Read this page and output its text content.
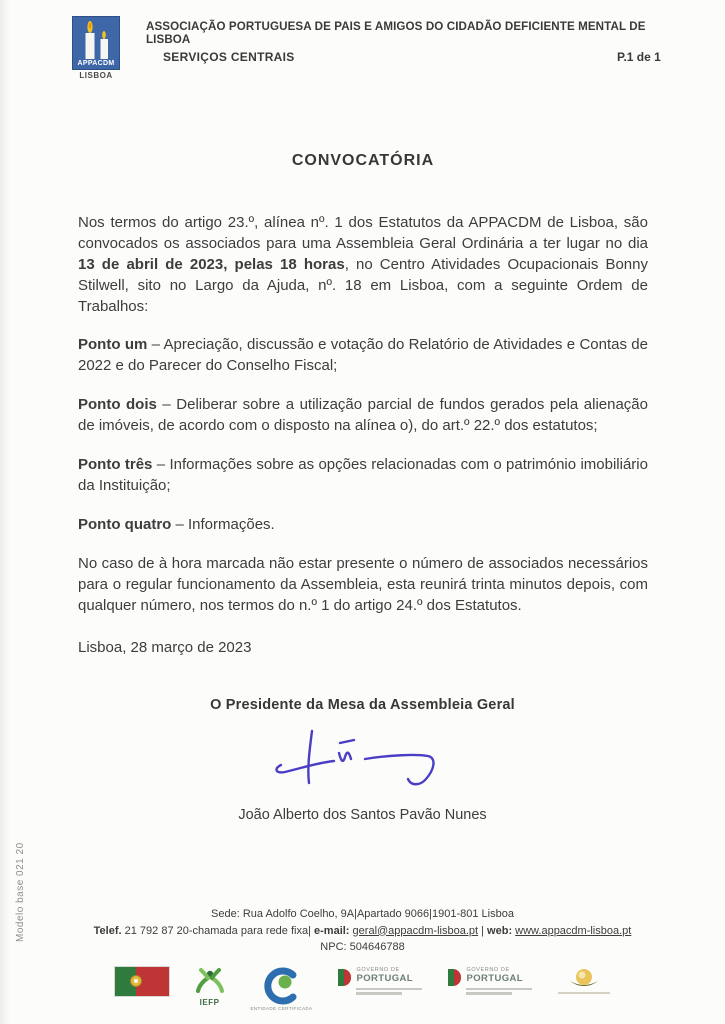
APPACDM
LISBOA
ASSOCIAÇÃO PORTUGUESA DE PAIS E AMIGOS DO CIDADÃO DEFICIENTE MENTAL DE LISBOA
SERVIÇOS CENTRAIS	P.1 de 1
CONVOCATÓRIA

Nos termos do artigo 23.º, alínea nº. 1 dos Estatutos da APPACDM de Lisboa, são convocados os associados para uma Assembleia Geral Ordinária a ter lugar no dia 13 de abril de 2023, pelas 18 horas, no Centro Atividades Ocupacionais Bonny Stilwell, sito no Largo da Ajuda, nº. 18 em Lisboa, com a seguinte Ordem de Trabalhos:

Ponto um – Apreciação, discussão e votação do Relatório de Atividades e Contas de 2022 e do Parecer do Conselho Fiscal;

Ponto dois – Deliberar sobre a utilização parcial de fundos gerados pela alienação de imóveis, de acordo com o disposto na alínea o), do art.º 22.º dos estatutos;

Ponto três – Informações sobre as opções relacionadas com o património imobiliário da Instituição;

Ponto quatro – Informações.

No caso de à hora marcada não estar presente o número de associados necessários para o regular funcionamento da Assembleia, esta reunirá trinta minutos depois, com qualquer número, nos termos do n.º 1 do artigo 24.º dos Estatutos.

Lisboa, 28 março de 2023

O Presidente da Mesa da Assembleia Geral
João Alberto dos Santos Pavão Nunes
Modelo base 021 20	Sede: Rua Adolfo Coelho, 9A|Apartado 9066|1901-801 Lisboa
Telef. 21 792 87 20-chamada para rede fixa| e-mail: geral@appacdm-lisboa.pt | web: www.appacdm-lisboa.pt
NPC: 504646788
IEFP
ENTIDADE CERTIFICADA
GOVERNO DE
PORTUGAL
GOVERNO DE
PORTUGAL
